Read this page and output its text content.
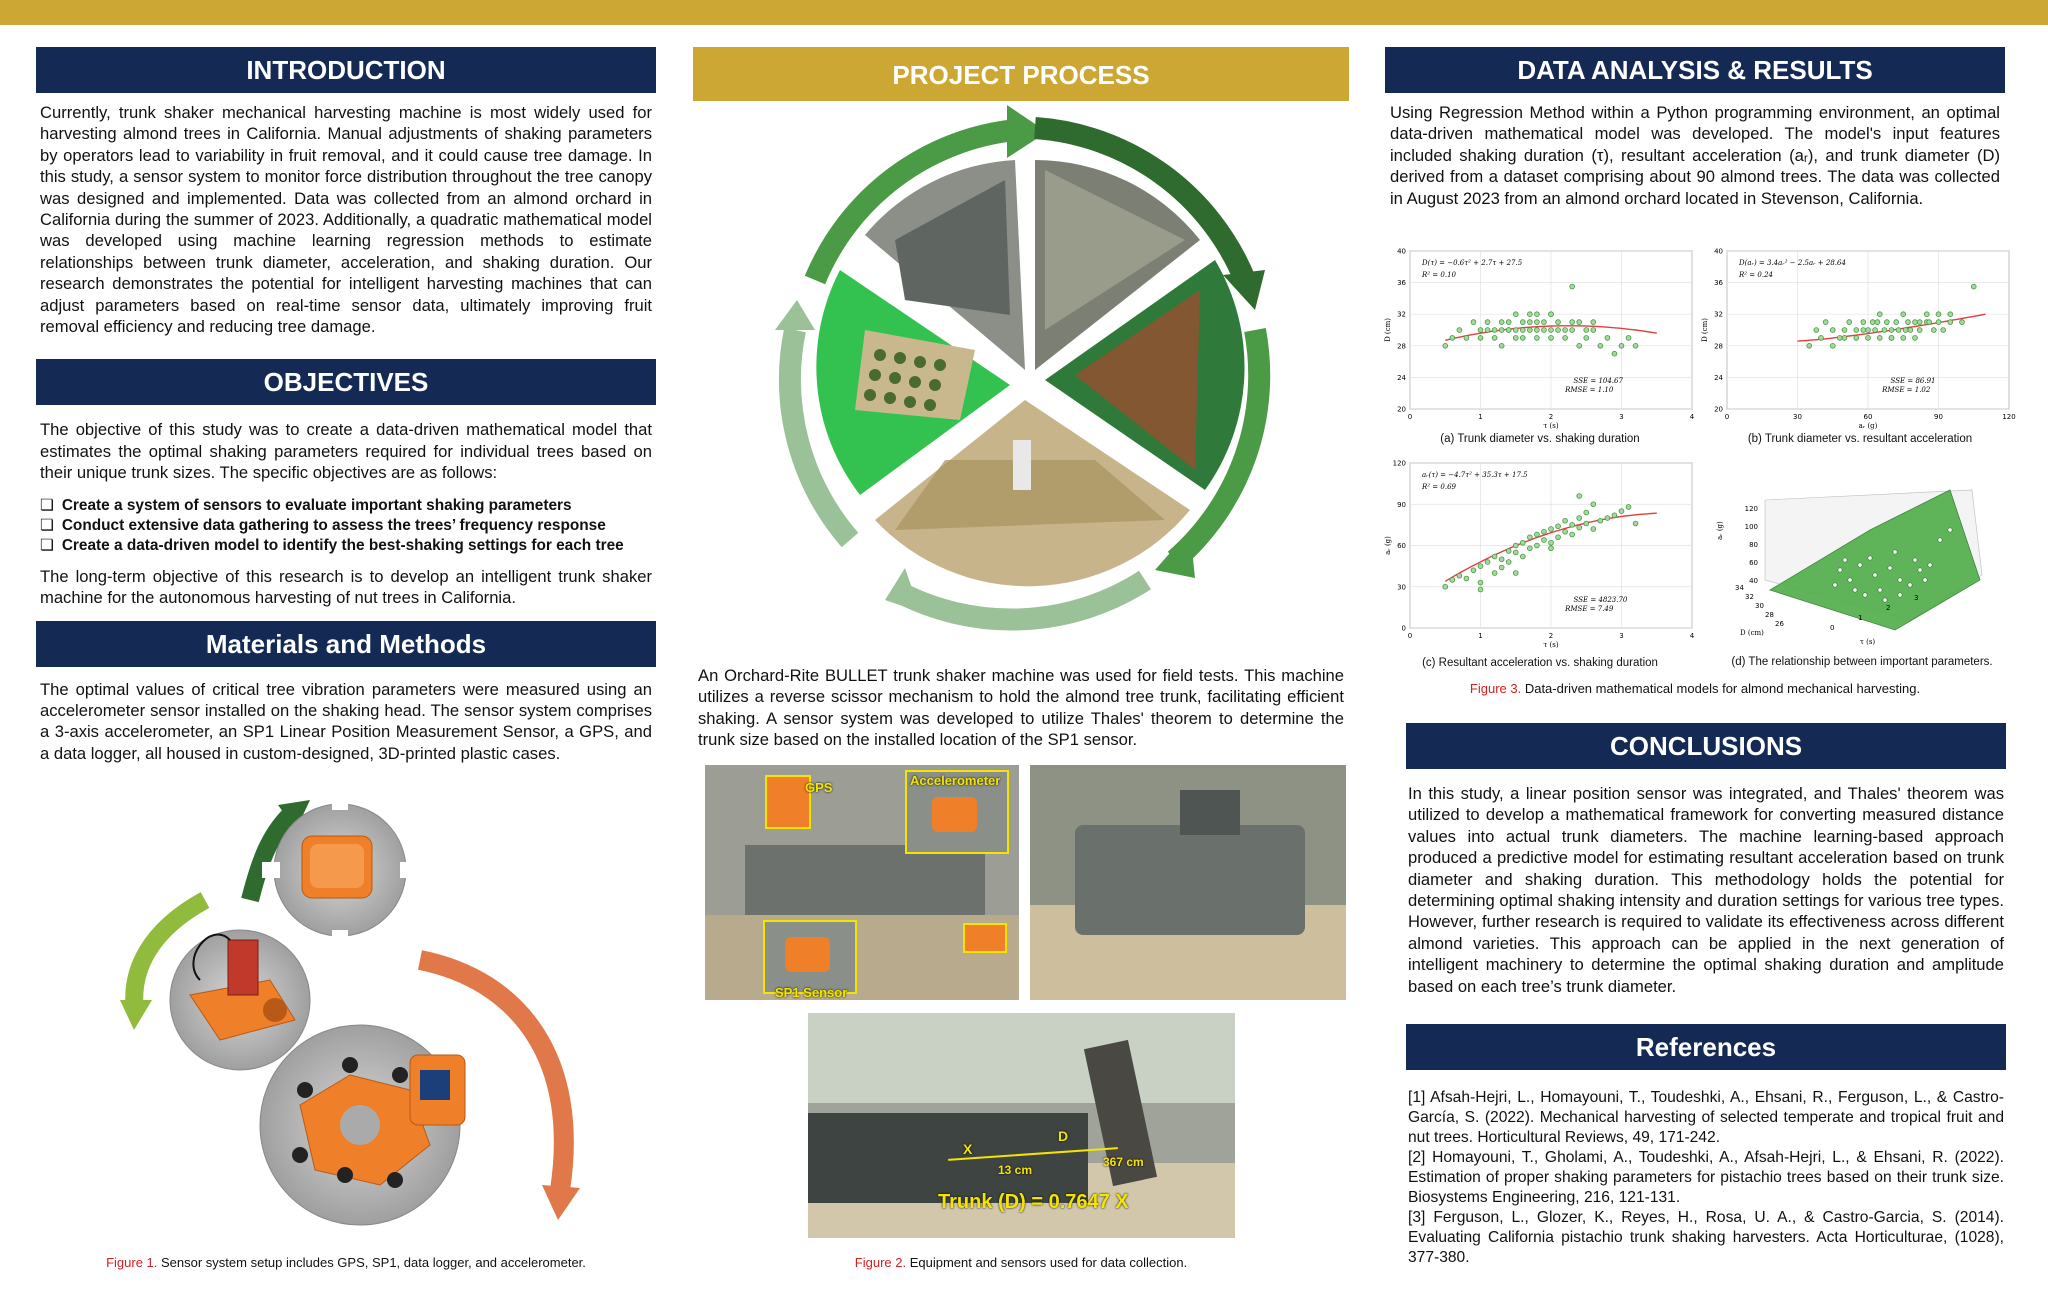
INTRODUCTION

Currently, trunk shaker mechanical harvesting machine is most widely used for harvesting almond trees in California. Manual adjustments of shaking parameters by operators lead to variability in fruit removal, and it could cause tree damage. In this study, a sensor system to monitor force distribution throughout the tree canopy was designed and implemented. Data was collected from an almond orchard in California during the summer of 2023. Additionally, a quadratic mathematical model was developed using machine learning regression methods to estimate relationships between trunk diameter, acceleration, and shaking duration. Our research demonstrates the potential for intelligent harvesting machines that can adjust parameters based on real-time sensor data, ultimately improving fruit removal efficiency and reducing tree damage.

OBJECTIVES

The objective of this study was to create a data-driven mathematical model that estimates the optimal shaking parameters required for individual trees based on their unique trunk sizes. The specific objectives are as follows:

❏ Create a system of sensors to evaluate important shaking parameters
❏ Conduct extensive data gathering to assess the trees’ frequency response
❏ Create a data-driven model to identify the best-shaking settings for each tree

The long-term objective of this research is to develop an intelligent trunk shaker machine for the autonomous harvesting of nut trees in California.

Materials and Methods

The optimal values of critical tree vibration parameters were measured using an accelerometer sensor installed on the shaking head. The sensor system comprises a 3-axis accelerometer, an SP1 Linear Position Measurement Sensor, a GPS, and a data logger, all housed in custom-designed, 3D-printed plastic cases.

Figure 1. Sensor system setup includes GPS, SP1, data logger, and accelerometer.
PROJECT PROCESS

An Orchard-Rite BULLET trunk shaker machine was used for field tests. This machine utilizes a reverse scissor mechanism to hold the almond tree trunk, facilitating efficient shaking. A sensor system was developed to utilize Thales' theorem to determine the trunk size based on the installed location of the SP1 sensor.

GPS	Accelerometer
SP1 Sensor
X
D
13 cm
367 cm
Trunk (D) = 0.7647 X
Figure 2. Equipment and sensors used for data collection.
DATA ANALYSIS & RESULTS

Using Regression Method within a Python programming environment, an optimal data-driven mathematical model was developed. The model's input features included shaking duration (τ), resultant acceleration (aᵣ), and trunk diameter (D) derived from a dataset comprising about 90 almond trees. The data was collected in August 2023 from an almond orchard located in Stevenson, California.

0	1	2	3	4
20
24
28
32
36
40
τ (s)
D (cm)
D(τ) = −0.6τ² + 2.7τ + 27.5
R² = 0.10
SSE = 104.67
RMSE = 1.10
0	30	60	90	120
20
24
28
32
36
40
aᵣ (g)
D (cm)
D(aᵣ) = 3.4aᵣ² − 2.5aᵣ + 28.64
R² = 0.24
SSE = 86.91
RMSE = 1.02
0	1	2	3	4
0
30
60
90
120
τ (s)
aᵣ (g)
aᵣ(τ) = −4.7τ² + 35.3τ + 17.5
R² = 0.69
SSE = 4823.70
RMSE = 7.49
40
60
80
100
120
aᵣ (g)
34
32
30
28
26
D (cm)
0
1
2
3
τ (s)
(a) Trunk diameter vs. shaking duration	(b) Trunk diameter vs. resultant acceleration
(c) Resultant acceleration vs. shaking duration	(d) The relationship between important parameters.
Figure 3. Data-driven mathematical models for almond mechanical harvesting.
CONCLUSIONS

In this study, a linear position sensor was integrated, and Thales' theorem was utilized to develop a mathematical framework for converting measured distance values into actual trunk diameters. The machine learning-based approach produced a predictive model for estimating resultant acceleration based on trunk diameter and shaking duration. This methodology holds the potential for determining optimal shaking intensity and duration settings for various tree types. However, further research is required to validate its effectiveness across different almond varieties. This approach can be applied in the next generation of intelligent machinery to determine the optimal shaking duration and amplitude based on each tree’s trunk diameter.

References

[1] Afsah-Hejri, L., Homayouni, T., Toudeshki, A., Ehsani, R., Ferguson, L., & Castro-García, S. (2022). Mechanical harvesting of selected temperate and tropical fruit and nut trees. Horticultural Reviews, 49, 171-242.

[2] Homayouni, T., Gholami, A., Toudeshki, A., Afsah-Hejri, L., & Ehsani, R. (2022). Estimation of proper shaking parameters for pistachio trees based on their trunk size. Biosystems Engineering, 216, 121-131.

[3] Ferguson, L., Glozer, K., Reyes, H., Rosa, U. A., & Castro-Garcia, S. (2014). Evaluating California pistachio trunk shaking harvesters. Acta Horticulturae, (1028), 377-380.
